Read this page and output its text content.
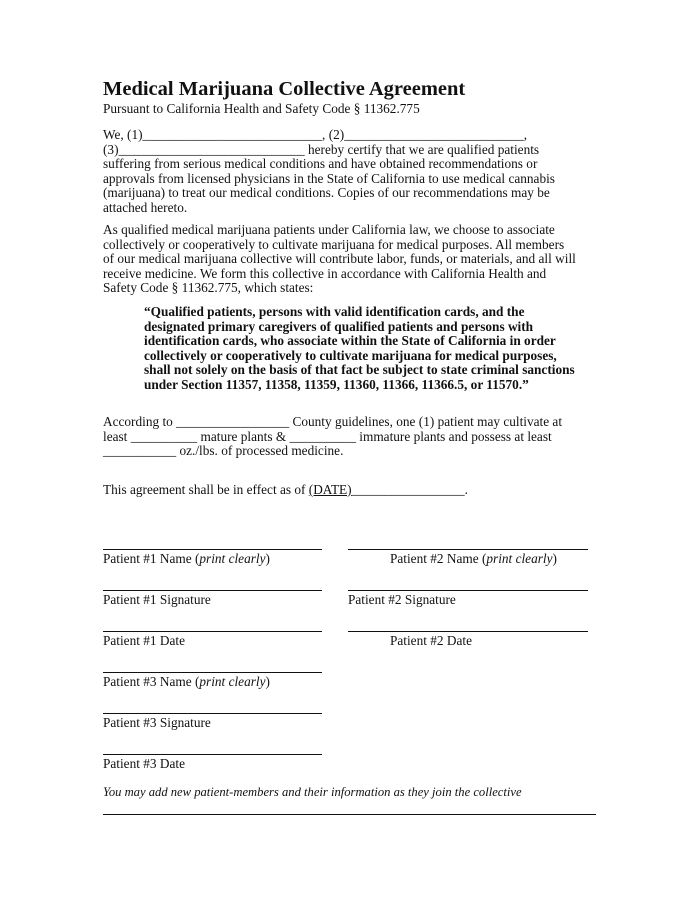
Medical Marijuana Collective Agreement
Pursuant to California Health and Safety Code § 11362.775
We, (1)___________________________, (2)___________________________,
(3)____________________________ hereby certify that we are qualified patients
suffering from serious medical conditions and have obtained recommendations or
approvals from licensed physicians in the State of California to use medical cannabis
(marijuana) to treat our medical conditions. Copies of our recommendations may be
attached hereto.
As qualified medical marijuana patients under California law, we choose to associate
collectively or cooperatively to cultivate marijuana for medical purposes. All members
of our medical marijuana collective will contribute labor, funds, or materials, and all will
receive medicine. We form this collective in accordance with California Health and
Safety Code § 11362.775, which states:
“Qualified patients, persons with valid identification cards, and the
designated primary caregivers of qualified patients and persons with
identification cards, who associate within the State of California in order
collectively or cooperatively to cultivate marijuana for medical purposes,
shall not solely on the basis of that fact be subject to state criminal sanctions
under Section 11357, 11358, 11359, 11360, 11366, 11366.5, or 11570.”
According to _________________ County guidelines, one (1) patient may cultivate at
least __________ mature plants & __________ immature plants and possess at least
___________ oz./lbs. of processed medicine.
This agreement shall be in effect as of (DATE)_________________.
Patient #1 Name (print clearly)	Patient #2 Name (print clearly)
Patient #1 Signature	Patient #2 Signature
Patient #1 Date	Patient #2 Date
Patient #3 Name (print clearly)
Patient #3 Signature
Patient #3 Date
You may add new patient-members and their information as they join the collective
